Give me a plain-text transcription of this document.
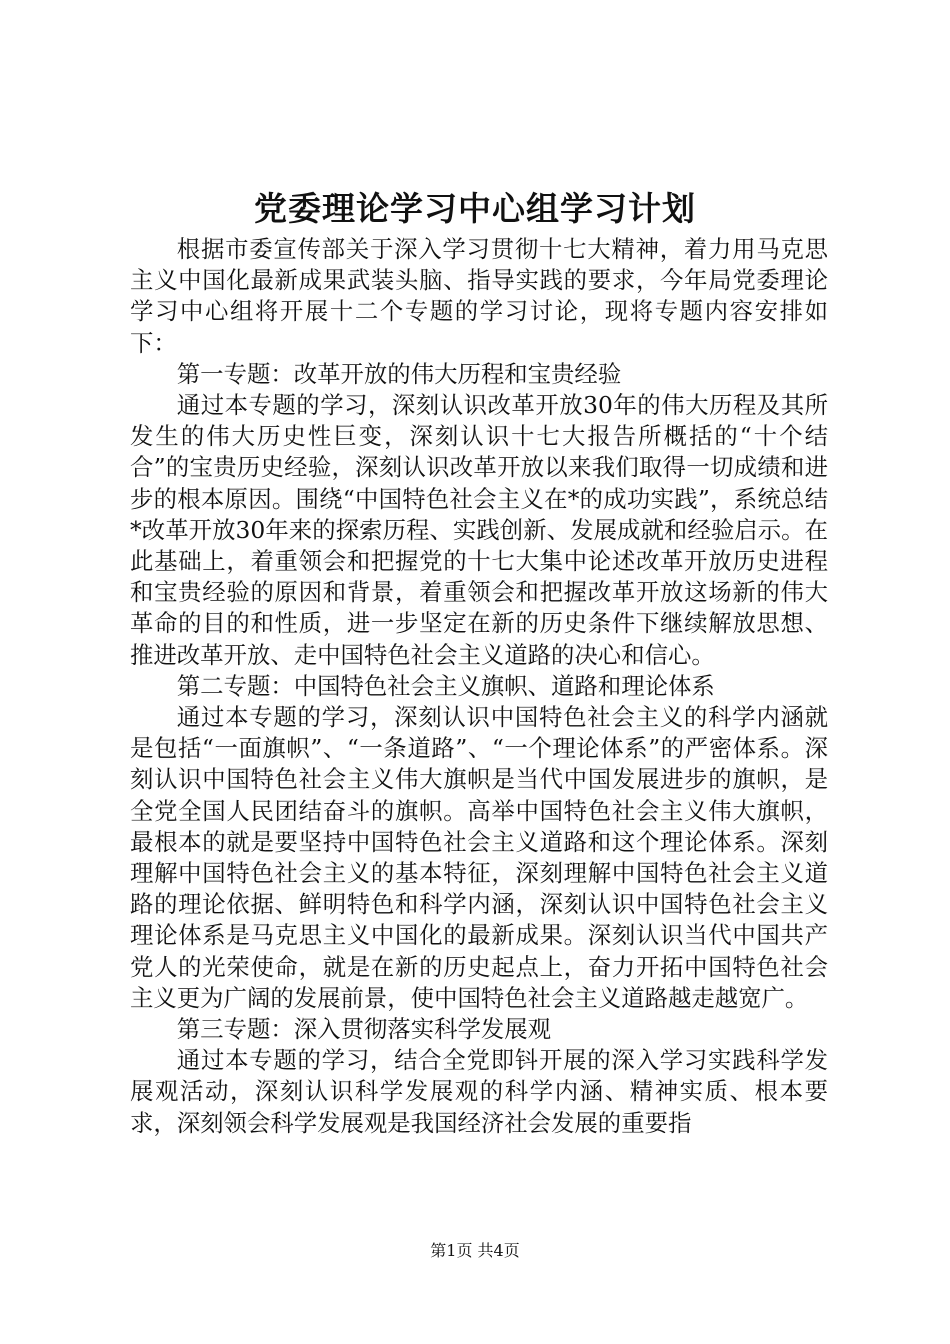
党委理论学习中心组学习计划

根据市委宣传部关于深入学习贯彻十七大精神，着力用马克思主义中国化最新成果武装头脑、指导实践的要求，今年局党委理论学习中心组将开展十二个专题的学习讨论，现将专题内容安排如下：

第一专题：改革开放的伟大历程和宝贵经验

通过本专题的学习，深刻认识改革开放30年的伟大历程及其所发生的伟大历史性巨变，深刻认识十七大报告所概括的“十个结合”的宝贵历史经验，深刻认识改革开放以来我们取得一切成绩和进步的根本原因。围绕“中国特色社会主义在*的成功实践”，系统总结*改革开放30年来的探索历程、实践创新、发展成就和经验启示。在此基础上，着重领会和把握党的十七大集中论述改革开放历史进程和宝贵经验的原因和背景，着重领会和把握改革开放这场新的伟大革命的目的和性质，进一步坚定在新的历史条件下继续解放思想、推进改革开放、走中国特色社会主义道路的决心和信心。

第二专题：中国特色社会主义旗帜、道路和理论体系

通过本专题的学习，深刻认识中国特色社会主义的科学内涵就是包括“一面旗帜”、“一条道路”、“一个理论体系”的严密体系。深刻认识中国特色社会主义伟大旗帜是当代中国发展进步的旗帜，是全党全国人民团结奋斗的旗帜。高举中国特色社会主义伟大旗帜，最根本的就是要坚持中国特色社会主义道路和这个理论体系。深刻理解中国特色社会主义的基本特征，深刻理解中国特色社会主义道路的理论依据、鲜明特色和科学内涵，深刻认识中国特色社会主义理论体系是马克思主义中国化的最新成果。深刻认识当代中国共产党人的光荣使命，就是在新的历史起点上，奋力开拓中国特色社会主义更为广阔的发展前景，使中国特色社会主义道路越走越宽广。

第三专题：深入贯彻落实科学发展观

通过本专题的学习，结合全党即钭开展的深入学习实践科学发展观活动，深刻认识科学发展观的科学内涵、精神实质、根本要求，深刻领会科学发展观是我国经济社会发展的重要指

第1页 共4页
